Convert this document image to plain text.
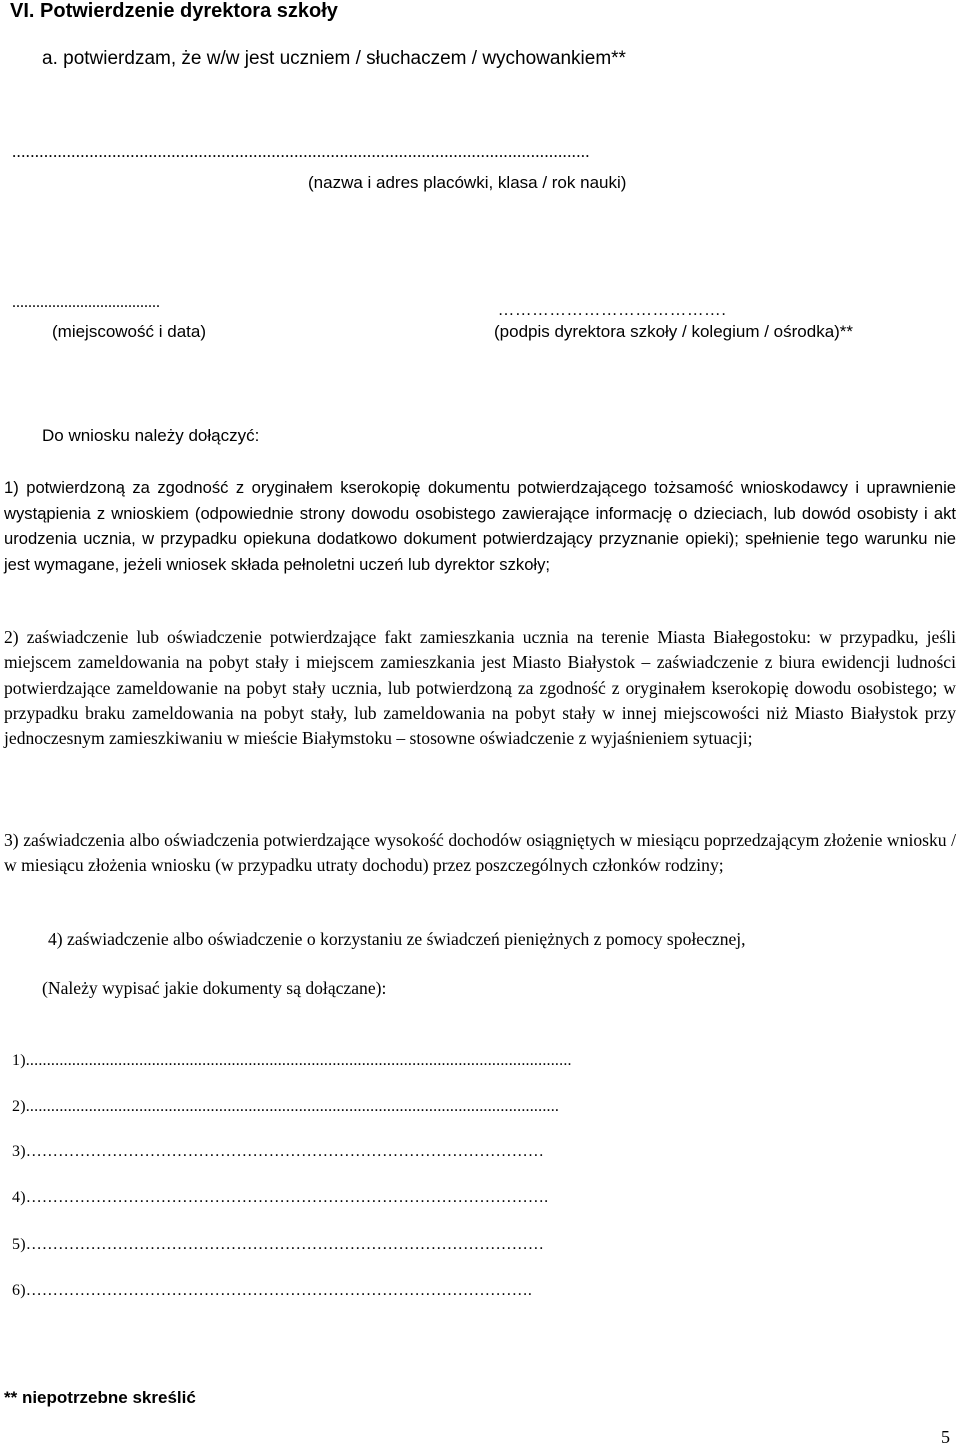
VI. Potwierdzenie dyrektora szkoły
a. potwierdzam, że w/w jest uczniem / słuchaczem / wychowankiem**
...............................................................................................................................
(nazwa i adres placówki, klasa / rok nauki)
.....................................	………………………………….
(miejscowość i data)	(podpis dyrektora szkoły / kolegium / ośrodka)**
Do wniosku należy dołączyć:

1) potwierdzoną za zgodność z oryginałem kserokopię dokumentu potwierdzającego tożsamość wnioskodawcy i uprawnienie wystąpienia z wnioskiem (odpowiednie strony dowodu osobistego zawierające informację o dzieciach, lub dowód osobisty i akt urodzenia ucznia, w przypadku opiekuna dodatkowo dokument potwierdzający przyznanie opieki); spełnienie tego warunku nie jest wymagane, jeżeli wniosek składa pełnoletni uczeń lub dyrektor szkoły;

2) zaświadczenie lub oświadczenie potwierdzające fakt zamieszkania ucznia na terenie Miasta Białegostoku: w przypadku, jeśli miejscem zameldowania na pobyt stały i miejscem zamieszkania jest Miasto Białystok – zaświadczenie z biura ewidencji ludności potwierdzające zameldowanie na pobyt stały ucznia, lub potwierdzoną za zgodność z oryginałem kserokopię dowodu osobistego; w przypadku braku zameldowania na pobyt stały, lub zameldowania na pobyt stały w innej miejscowości niż Miasto Białystok przy jednoczesnym zamieszkiwaniu w mieście Białymstoku – stosowne oświadczenie z wyjaśnieniem sytuacji;

3) zaświadczenia albo oświadczenia potwierdzające wysokość dochodów osiągniętych w miesiącu poprzedzającym złożenie wniosku / w miesiącu złożenia wniosku (w przypadku utraty dochodu) przez poszczególnych członków rodziny;

4) zaświadczenie albo oświadczenie o korzystaniu ze świadczeń pieniężnych z pomocy społecznej,

(Należy wypisać jakie dokumenty są dołączane):
1)..................................................................................................................................
2)...............................................................................................................................
3)……………………………………………………………………………………
4)…………………………………………………………………………………….
5)……………………………………………………………………………………
6)………………………………………………………………………………….
** niepotrzebne skreślić
5
